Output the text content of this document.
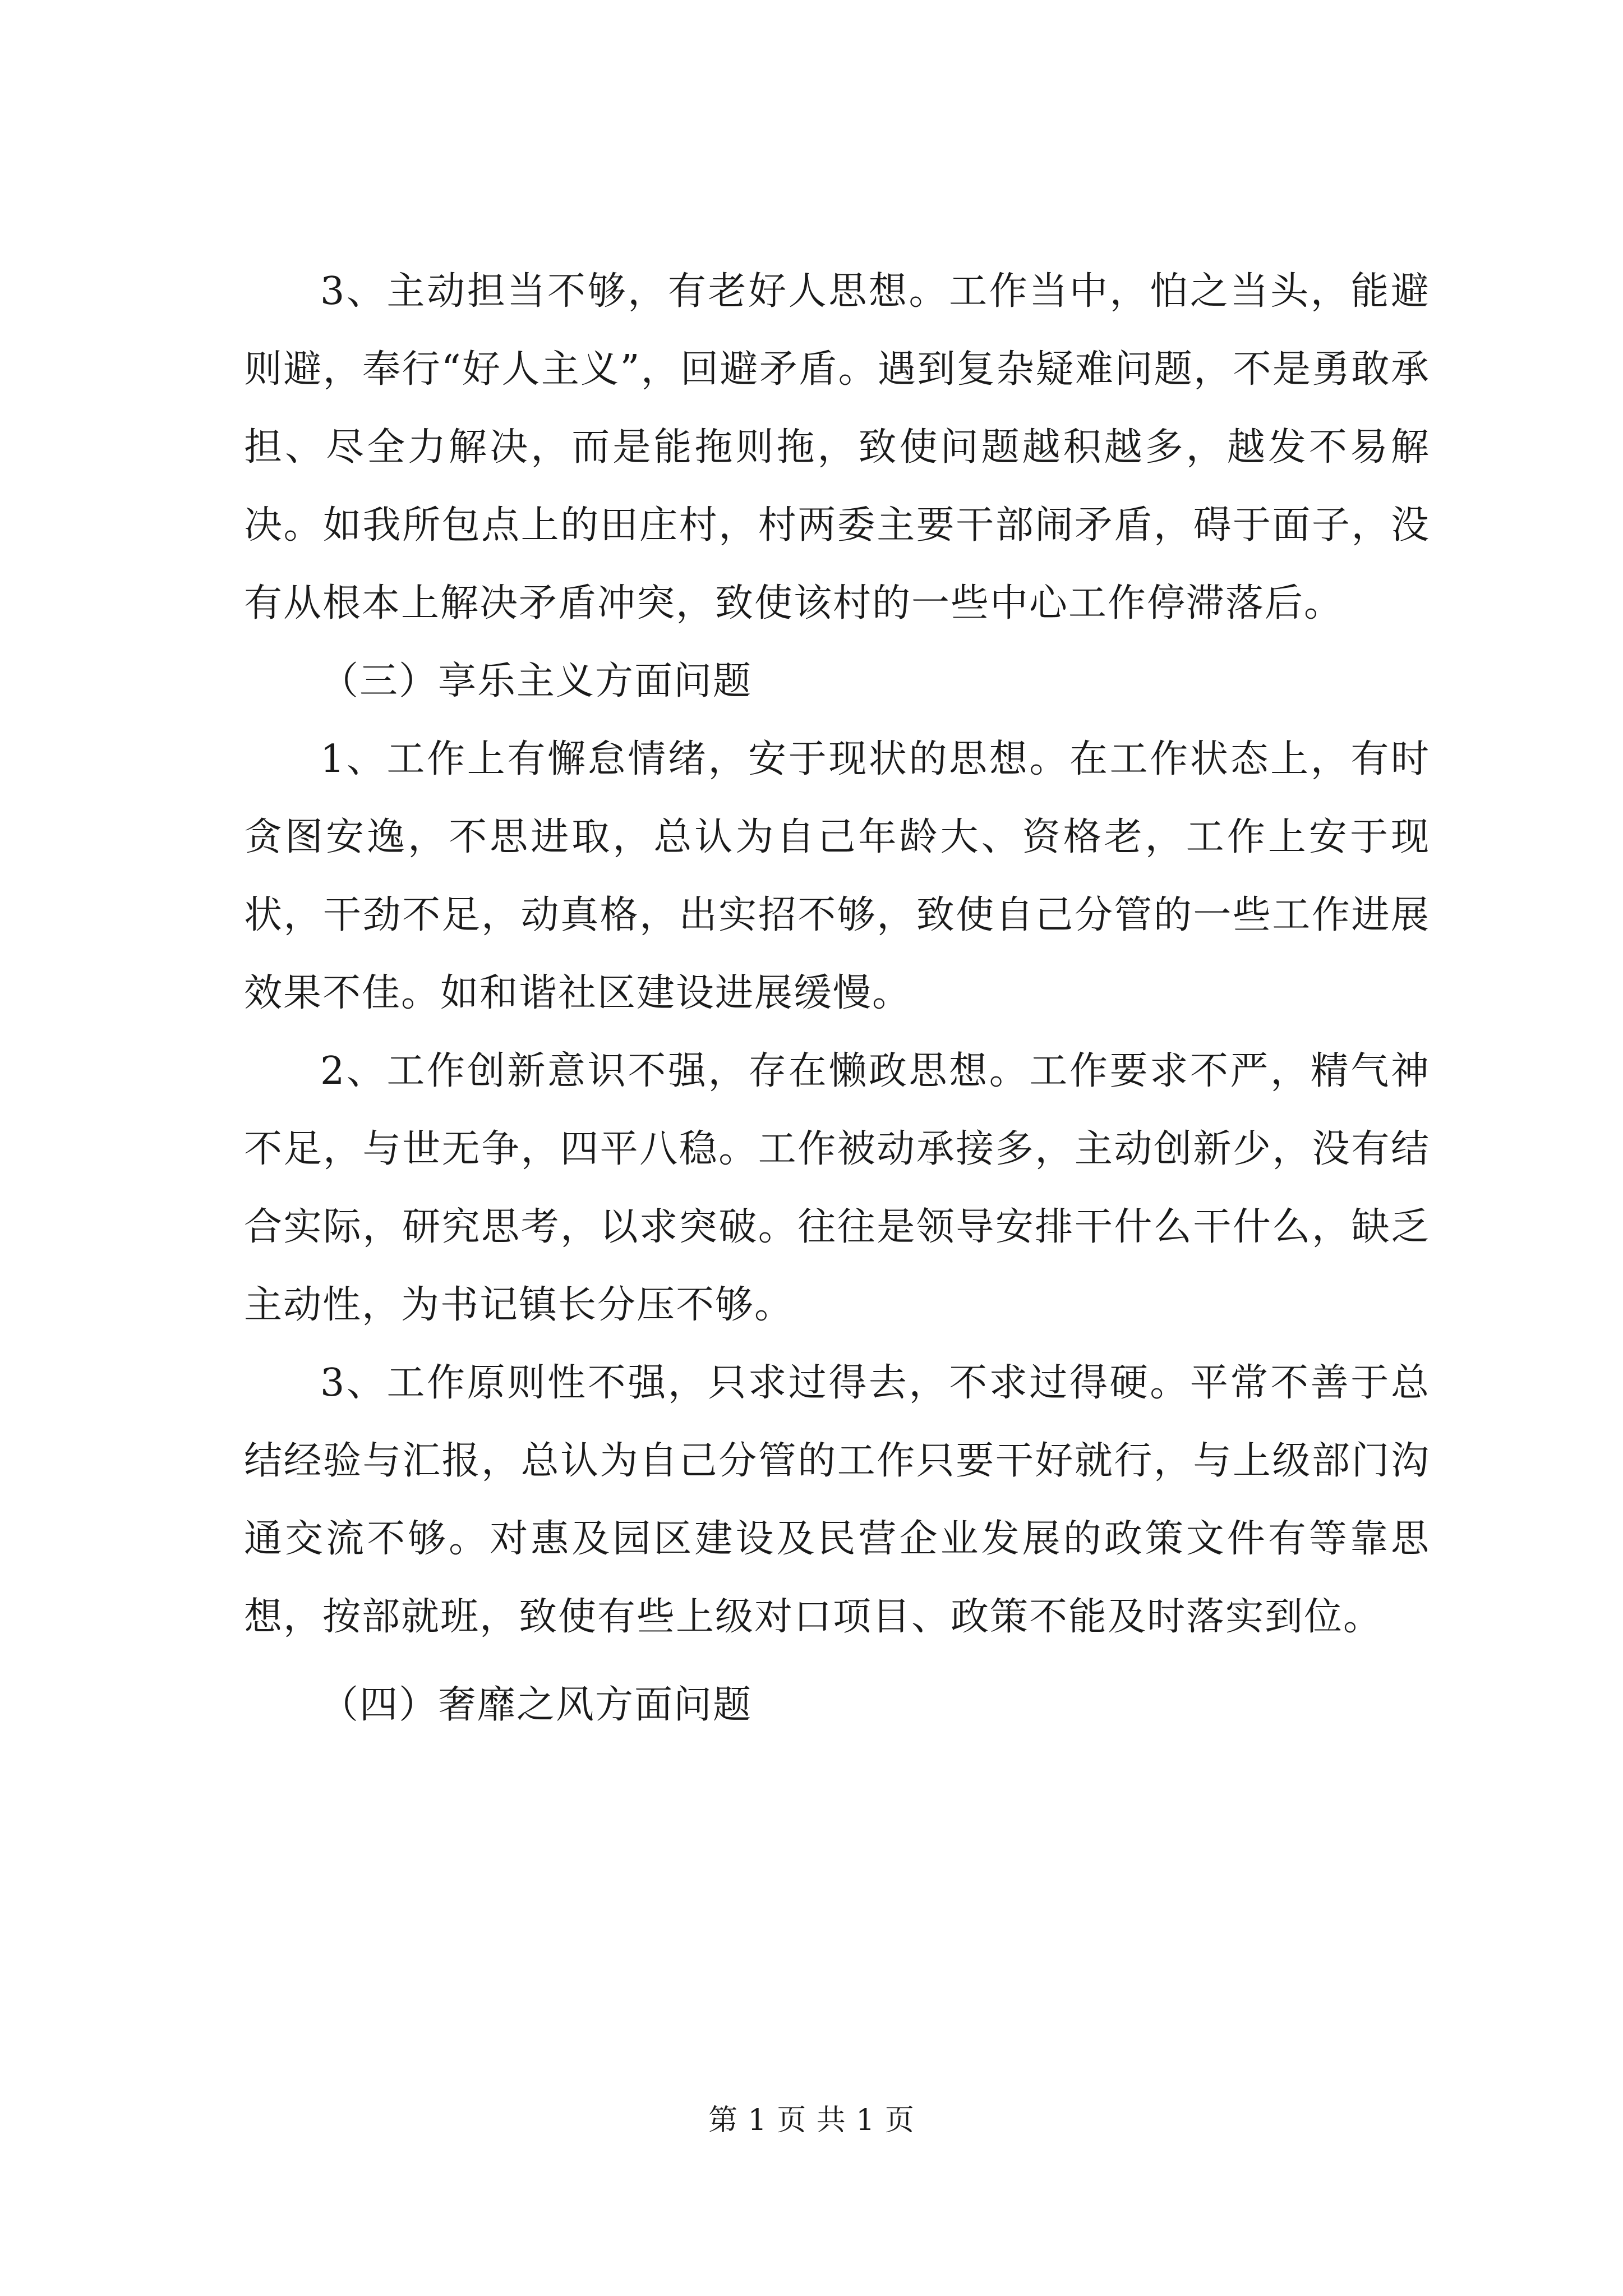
3、主动担当不够，有老好人思想。工作当中，怕之当头，能避则避，奉行“好人主义”，回避矛盾。遇到复杂疑难问题，不是勇敢承担、尽全力解决，而是能拖则拖，致使问题越积越多，越发不易解决。如我所包点上的田庄村，村两委主要干部闹矛盾，碍于面子，没有从根本上解决矛盾冲突，致使该村的一些中心工作停滞落后。

（三）享乐主义方面问题

1、工作上有懈怠情绪，安于现状的思想。在工作状态上，有时贪图安逸，不思进取，总认为自己年龄大、资格老，工作上安于现状，干劲不足，动真格，出实招不够，致使自己分管的一些工作进展效果不佳。如和谐社区建设进展缓慢。

2、工作创新意识不强，存在懒政思想。工作要求不严，精气神不足，与世无争，四平八稳。工作被动承接多，主动创新少，没有结合实际，研究思考，以求突破。往往是领导安排干什么干什么，缺乏主动性，为书记镇长分压不够。

3、工作原则性不强，只求过得去，不求过得硬。平常不善于总结经验与汇报，总认为自己分管的工作只要干好就行，与上级部门沟通交流不够。对惠及园区建设及民营企业发展的政策文件有等靠思想，按部就班，致使有些上级对口项目、政策不能及时落实到位。

（四）奢靡之风方面问题

第 1 页 共 1 页
